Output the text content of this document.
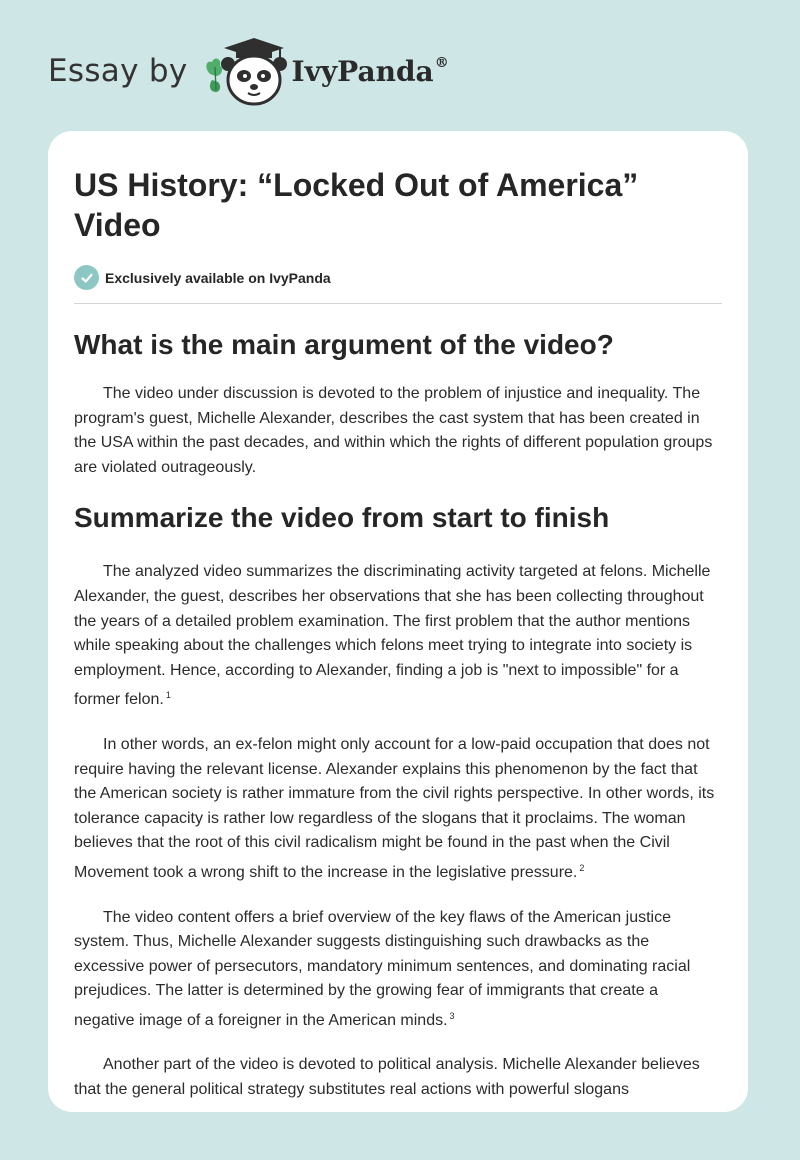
Essay by	IvyPanda®
US History: “Locked Out of America” Video
Exclusively available on IvyPanda
What is the main argument of the video?

The video under discussion is devoted to the problem of injustice and inequality. The program's guest, Michelle Alexander, describes the cast system that has been created in the USA within the past decades, and within which the rights of different population groups are violated outrageously.

Summarize the video from start to finish

The analyzed video summarizes the discriminating activity targeted at felons. Michelle Alexander, the guest, describes her observations that she has been collecting throughout the years of a detailed problem examination. The first problem that the author mentions while speaking about the challenges which felons meet trying to integrate into society is employment. Hence, according to Alexander, finding a job is "next to impossible" for a former felon. $^1$

In other words, an ex-felon might only account for a low-paid occupation that does not require having the relevant license. Alexander explains this phenomenon by the fact that the American society is rather immature from the civil rights perspective. In other words, its tolerance capacity is rather low regardless of the slogans that it proclaims. The woman believes that the root of this civil radicalism might be found in the past when the Civil Movement took a wrong shift to the increase in the legislative pressure. $^2$

The video content offers a brief overview of the key flaws of the American justice system. Thus, Michelle Alexander suggests distinguishing such drawbacks as the excessive power of persecutors, mandatory minimum sentences, and dominating racial prejudices. The latter is determined by the growing fear of immigrants that create a negative image of a foreigner in the American minds. $^3$

Another part of the video is devoted to political analysis. Michelle Alexander believes that the general political strategy substitutes real actions with powerful slogans
